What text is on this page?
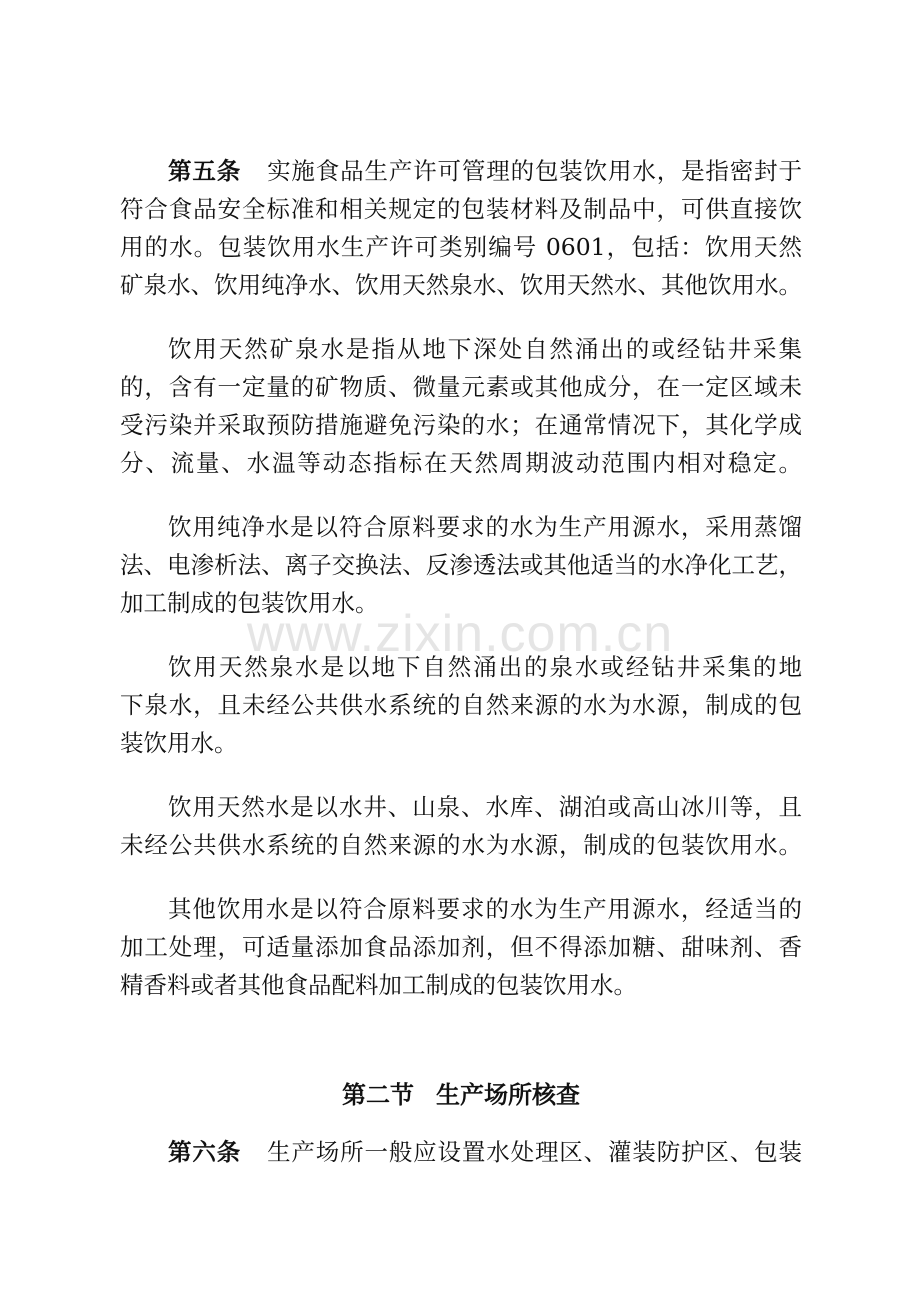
www.zixin.com.cn
第五条 实施食品生产许可管理的包装饮用水，是指密封于
符合食品安全标准和相关规定的包装材料及制品中，可供直接饮
用的水。包装饮用水生产许可类别编号 0601，包括：饮用天然
矿泉水、饮用纯净水、饮用天然泉水、饮用天然水、其他饮用水。
饮用天然矿泉水是指从地下深处自然涌出的或经钻井采集
的，含有一定量的矿物质、微量元素或其他成分，在一定区域未
受污染并采取预防措施避免污染的水；在通常情况下，其化学成
分、流量、水温等动态指标在天然周期波动范围内相对稳定。
饮用纯净水是以符合原料要求的水为生产用源水，采用蒸馏
法、电渗析法、离子交换法、反渗透法或其他适当的水净化工艺，
加工制成的包装饮用水。
饮用天然泉水是以地下自然涌出的泉水或经钻井采集的地
下泉水，且未经公共供水系统的自然来源的水为水源，制成的包
装饮用水。
饮用天然水是以水井、山泉、水库、湖泊或高山冰川等，且
未经公共供水系统的自然来源的水为水源，制成的包装饮用水。
其他饮用水是以符合原料要求的水为生产用源水，经适当的
加工处理，可适量添加食品添加剂，但不得添加糖、甜味剂、香
精香料或者其他食品配料加工制成的包装饮用水。
第二节 生产场所核查
第六条 生产场所一般应设置水处理区、灌装防护区、包装
